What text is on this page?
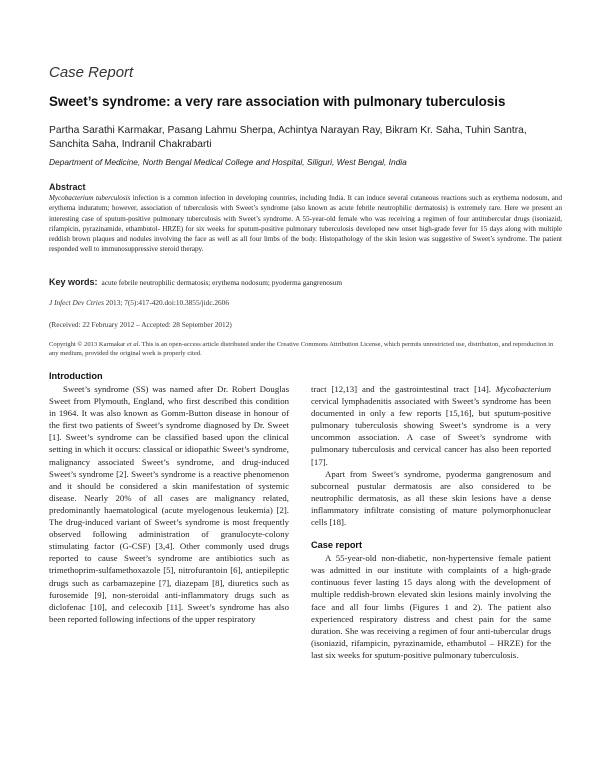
Case Report
Sweet’s syndrome: a very rare association with pulmonary tuberculosis
Partha Sarathi Karmakar, Pasang Lahmu Sherpa, Achintya Narayan Ray, Bikram Kr. Saha, Tuhin Santra, Sanchita Saha, Indranil Chakrabarti
Department of Medicine, North Bengal Medical College and Hospital, Siliguri, West Bengal, India
Abstract
Mycobacterium tuberculosis infection is a common infection in developing countries, including India. It can induce several cutaneous reactions such as erythema nodosum, and erythema induratum; however, association of tuberculosis with Sweet’s syndrome (also known as acute febrile neutrophilic dermatosis) is extremely rare. Here we present an interesting case of sputum-positive pulmonary tuberculosis with Sweet’s syndrome. A 55-year-old female who was receiving a regimen of four antitubercular drugs (isoniazid, rifampicin, pyrazinamide, ethambutol- HRZE) for six weeks for sputum-positive pulmonary tuberculosis developed new onset high-grade fever for 15 days along with multiple reddish brown plaques and nodules involving the face as well as all four limbs of the body. Histopathology of the skin lesion was suggestive of Sweet’s syndrome. The patient responded well to immunosuppressive steroid therapy.
Key words: acute febrile neutrophilic dermatosis; erythema nodosum; pyoderma gangrenosum
J Infect Dev Ctries 2013; 7(5):417-420.doi:10.3855/jidc.2606
(Received: 22 February 2012 – Accepted: 28 September 2012)
Copyright © 2013 Karmakar et al. This is an open-access article distributed under the Creative Commons Attribution License, which permits unrestricted use, distribution, and reproduction in any medium, provided the original work is properly cited.
Introduction
Sweet’s syndrome (SS) was named after Dr. Robert Douglas Sweet from Plymouth, England, who first described this condition in 1964. It was also known as Gomm-Button disease in honour of the first two patients of Sweet’s syndrome diagnosed by Dr. Sweet [1]. Sweet’s syndrome can be classified based upon the clinical setting in which it occurs: classical or idiopathic Sweet’s syndrome, malignancy associated Sweet’s syndrome, and drug-induced Sweet’s syndrome [2]. Sweet’s syndrome is a reactive phenomenon and it should be considered a skin manifestation of systemic disease. Nearly 20% of all cases are malignancy related, predominantly haematological (acute myelogenous leukemia) [2]. The drug-induced variant of Sweet’s syndrome is most frequently observed following administration of granulocyte-colony stimulating factor (G-CSF) [3,4]. Other commonly used drugs reported to cause Sweet’s syndrome are antibiotics such as trimethoprim-sulfamethoxazole [5], nitrofurantoin [6], antiepileptic drugs such as carbamazepine [7], diazepam [8], diuretics such as furosemide [9], non-steroidal anti-inflammatory drugs such as diclofenac [10], and celecoxib [11]. Sweet’s syndrome has also been reported following infections of the upper respiratory
tract [12,13] and the gastrointestinal tract [14]. Mycobacterium cervical lymphadenitis associated with Sweet’s syndrome has been documented in only a few reports [15,16], but sputum-positive pulmonary tuberculosis showing Sweet’s syndrome is a very uncommon association. A case of Sweet’s syndrome with pulmonary tuberculosis and cervical cancer has also been reported [17].
Apart from Sweet’s syndrome, pyoderma gangrenosum and subcorneal pustular dermatosis are also considered to be neutrophilic dermatosis, as all these skin lesions have a dense inflammatory infiltrate consisting of mature polymorphonuclear cells [18].
Case report
A 55-year-old non-diabetic, non-hypertensive female patient was admitted in our institute with complaints of a high-grade continuous fever lasting 15 days along with the development of multiple reddish-brown elevated skin lesions mainly involving the face and all four limbs (Figures 1 and 2). The patient also experienced respiratory distress and chest pain for the same duration. She was receiving a regimen of four anti-tubercular drugs (isoniazid, rifampicin, pyrazinamide, ethambutol – HRZE) for the last six weeks for sputum-positive pulmonary tuberculosis.
